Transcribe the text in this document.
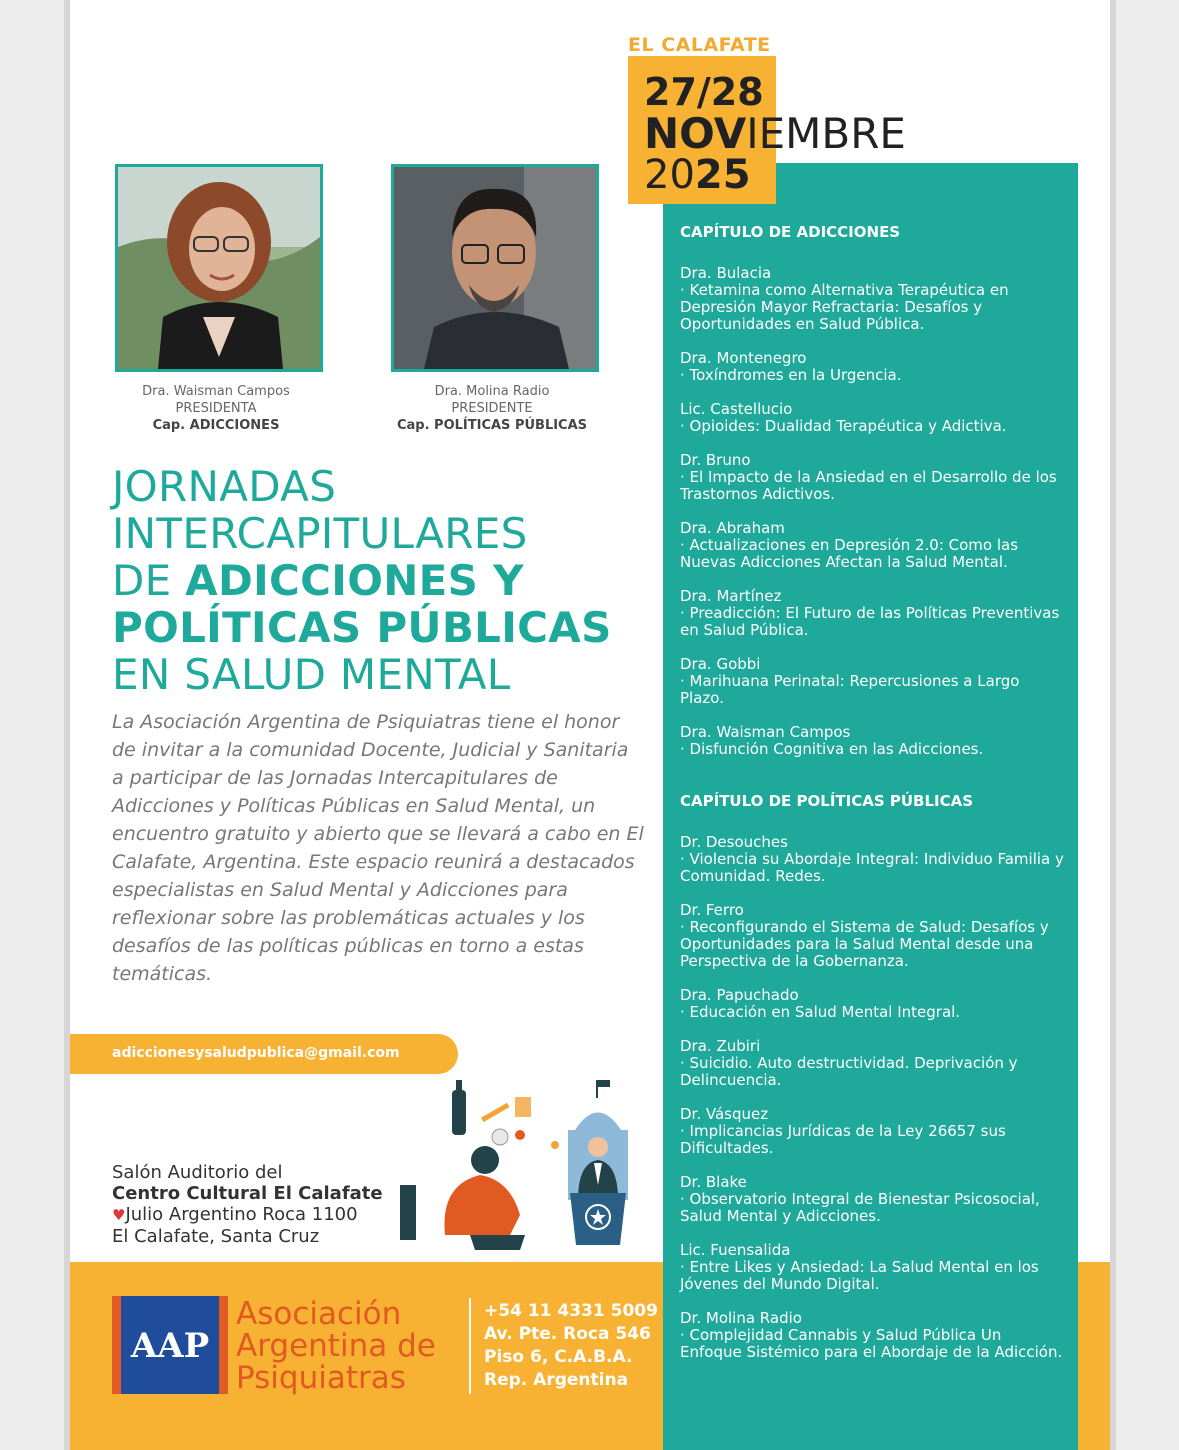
EL CALAFATE
27/28
NOVIEMBRE
2025
Dra. Waisman Campos
PRESIDENTA
Cap. ADICCIONES
Dra. Molina Radio
PRESIDENTE
Cap. POLÍTICAS PÚBLICAS
JORNADAS
INTERCAPITULARES
DE ADICCIONES Y
POLÍTICAS PÚBLICAS
EN SALUD MENTAL
La Asociación Argentina de Psiquiatras tiene el honor de invitar a la comunidad Docente, Judicial y Sanitaria a participar de las Jornadas Intercapitulares de Adicciones y Políticas Públicas en Salud Mental, un encuentro gratuito y abierto que se llevará a cabo en El Calafate, Argentina. Este espacio reunirá a destacados especialistas en Salud Mental y Adicciones para reflexionar sobre las problemáticas actuales y los desafíos de las políticas públicas en torno a estas temáticas.
adiccionesysaludpublica@gmail.com
Salón Auditorio del
Centro Cultural El Calafate
♥Julio Argentino Roca 1100
El Calafate, Santa Cruz
AAP
Asociación
Argentina de
Psiquiatras
+54 11 4331 5009
Av. Pte. Roca 546
Piso 6, C.A.B.A.
Rep. Argentina
CAPÍTULO DE ADICCIONES
Dra. Bulacia
· Ketamina como Alternativa Terapéutica en Depresión Mayor Refractaria: Desafíos y Oportunidades en Salud Pública.
Dra. Montenegro
· Toxíndromes en la Urgencia.
Lic. Castellucio
· Opioides: Dualidad Terapéutica y Adictiva.
Dr. Bruno
· El Impacto de la Ansiedad en el Desarrollo de los Trastornos Adictivos.
Dra. Abraham
· Actualizaciones en Depresión 2.0: Como las Nuevas Adicciones Afectan la Salud Mental.
Dra. Martínez
· Preadicción: El Futuro de las Políticas Preventivas en Salud Pública.
Dra. Gobbi
· Marihuana Perinatal: Repercusiones a Largo Plazo.
Dra. Waisman Campos
· Disfunción Cognitiva en las Adicciones.
CAPÍTULO DE POLÍTICAS PÚBLICAS
Dr. Desouches
· Violencia su Abordaje Integral: Individuo Familia y Comunidad. Redes.
Dr. Ferro
· Reconfigurando el Sistema de Salud: Desafíos y Oportunidades para la Salud Mental desde una Perspectiva de la Gobernanza.
Dra. Papuchado
· Educación en Salud Mental Integral.
Dra. Zubiri
· Suicidio. Auto destructividad. Deprivación y Delincuencia.
Dr. Vásquez
· Implicancias Jurídicas de la Ley 26657 sus Dificultades.
Dr. Blake
· Observatorio Integral de Bienestar Psicosocial, Salud Mental y Adicciones.
Lic. Fuensalida
· Entre Likes y Ansiedad: La Salud Mental en los Jóvenes del Mundo Digital.
Dr. Molina Radio
· Complejidad Cannabis y Salud Pública Un Enfoque Sistémico para el Abordaje de la Adicción.
